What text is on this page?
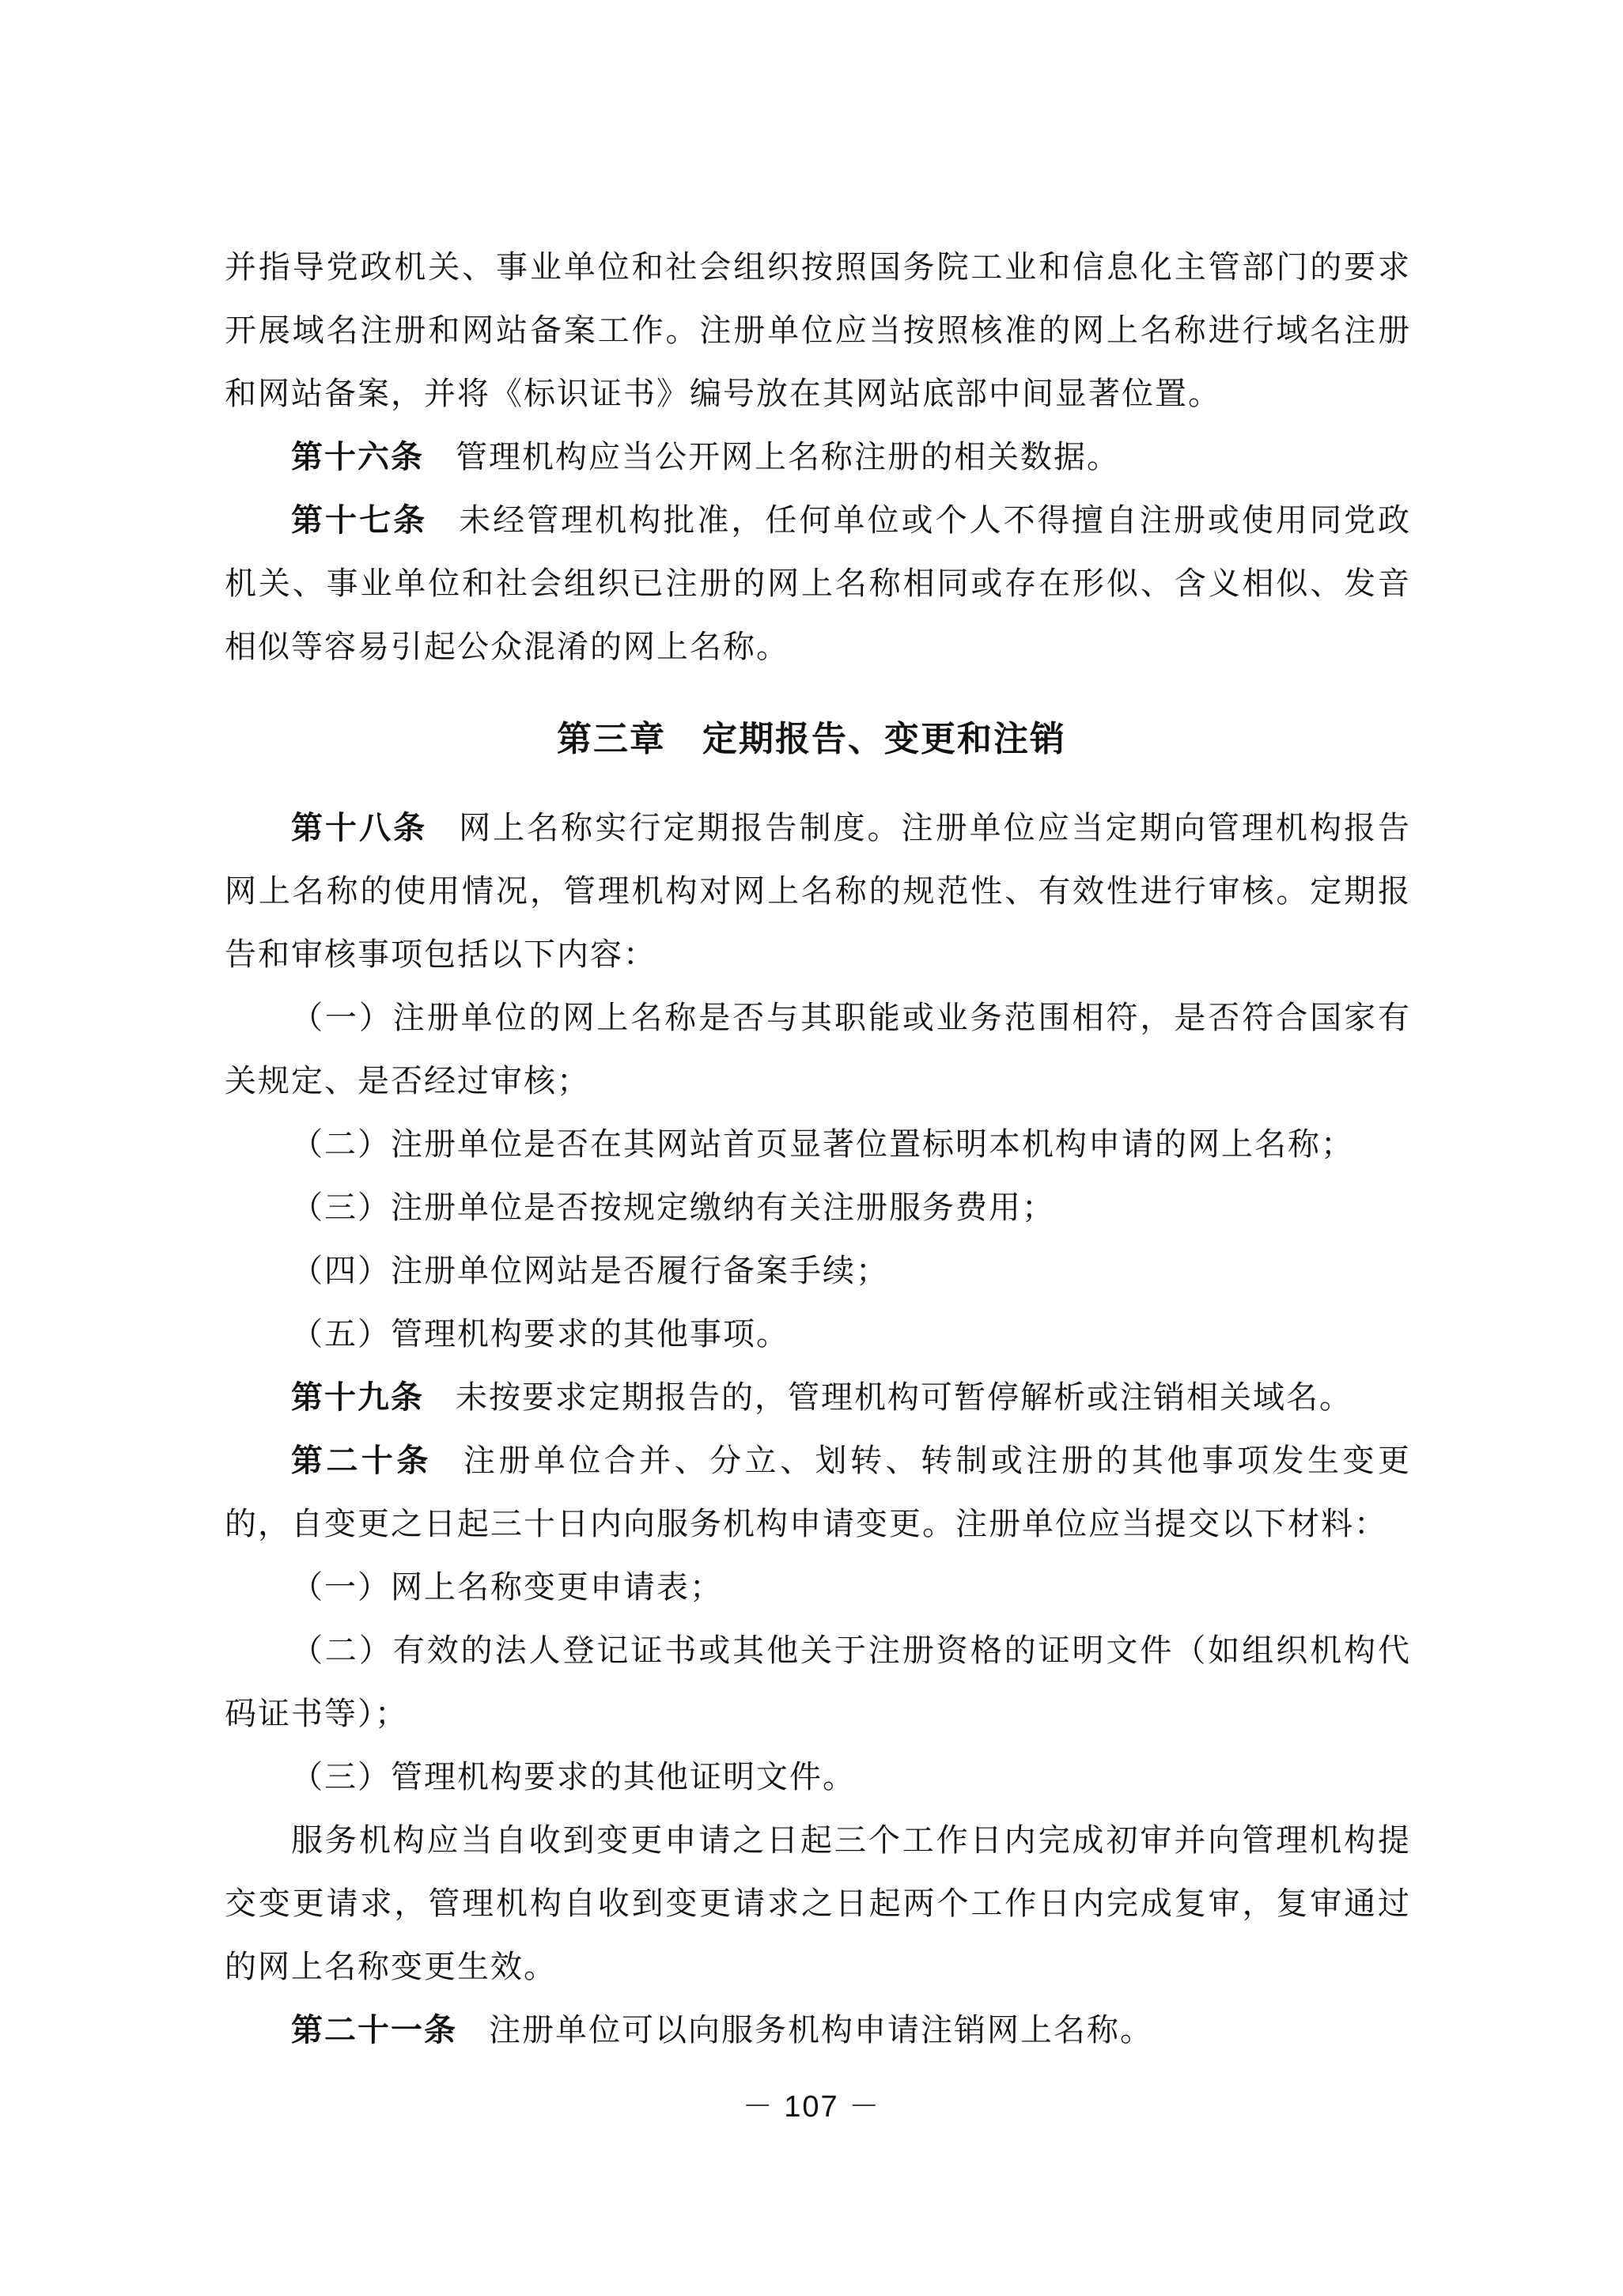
并指导党政机关、事业单位和社会组织按照国务院工业和信息化主管部门的要求开展域名注册和网站备案工作。注册单位应当按照核准的网上名称进行域名注册和网站备案，并将《标识证书》编号放在其网站底部中间显著位置。

第十六条 管理机构应当公开网上名称注册的相关数据。

第十七条 未经管理机构批准，任何单位或个人不得擅自注册或使用同党政机关、事业单位和社会组织已注册的网上名称相同或存在形似、含义相似、发音相似等容易引起公众混淆的网上名称。

第三章 定期报告、变更和注销

第十八条 网上名称实行定期报告制度。注册单位应当定期向管理机构报告网上名称的使用情况，管理机构对网上名称的规范性、有效性进行审核。定期报告和审核事项包括以下内容：

（一）注册单位的网上名称是否与其职能或业务范围相符，是否符合国家有关规定、是否经过审核；

（二）注册单位是否在其网站首页显著位置标明本机构申请的网上名称；

（三）注册单位是否按规定缴纳有关注册服务费用；

（四）注册单位网站是否履行备案手续；

（五）管理机构要求的其他事项。

第十九条 未按要求定期报告的，管理机构可暂停解析或注销相关域名。

第二十条 注册单位合并、分立、划转、转制或注册的其他事项发生变更的，自变更之日起三十日内向服务机构申请变更。注册单位应当提交以下材料：

（一）网上名称变更申请表；

（二）有效的法人登记证书或其他关于注册资格的证明文件（如组织机构代码证书等）；

（三）管理机构要求的其他证明文件。

服务机构应当自收到变更申请之日起三个工作日内完成初审并向管理机构提交变更请求，管理机构自收到变更请求之日起两个工作日内完成复审，复审通过的网上名称变更生效。

第二十一条 注册单位可以向服务机构申请注销网上名称。

－ 107 －
